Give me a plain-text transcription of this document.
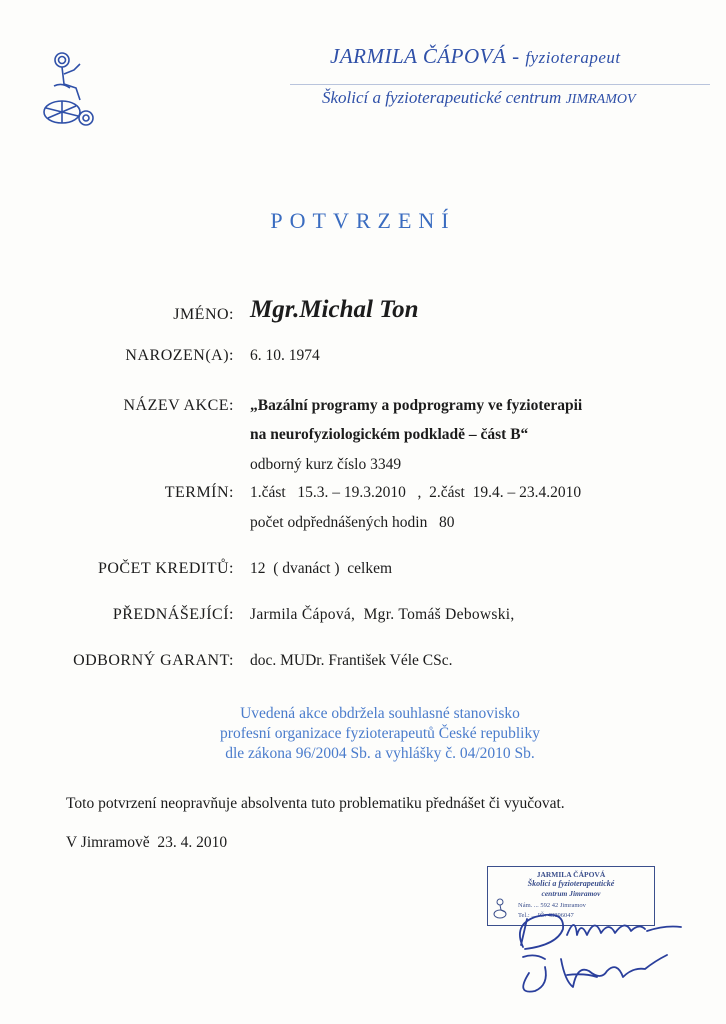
JARMILA ČÁPOVÁ - fyzioterapeut
Školicí a fyzioterapeutické centrum JIMRAMOV
POTVRZENÍ
JMÉNO: Mgr.Michal Ton
NAROZEN(A): 6. 10. 1974
NÁZEV AKCE: „Bazální programy a podprogramy ve fyzioterapii
na neurofyziologickém podkladě – část B“
odborný kurz číslo 3349
TERMÍN: 1.část   15.3. – 19.3.2010   ,  2.část  19.4. – 23.4.2010
počet odpřednášených hodin   80
POČET KREDITŮ: 12  ( dvanáct )  celkem
PŘEDNÁŠEJÍCÍ: Jarmila Čápová,  Mgr. Tomáš Debowski,
ODBORNÝ GARANT: doc. MUDr. František Véle CSc.
Uvedená akce obdržela souhlasné stanovisko
profesní organizace fyzioterapeutů České republiky
dle zákona 96/2004 Sb. a vyhlášky č. 04/2010 Sb.
Toto potvrzení neopravňuje absolventa tuto problematiku přednášet či vyučovat.
V Jimramově  23. 4. 2010
JARMILA ČÁPOVÁ
Školicí a fyzioterapeutické
centrum Jimramov
Nám. ... 592 42 Jimramov
Tel.: ... IČ: 48896047
